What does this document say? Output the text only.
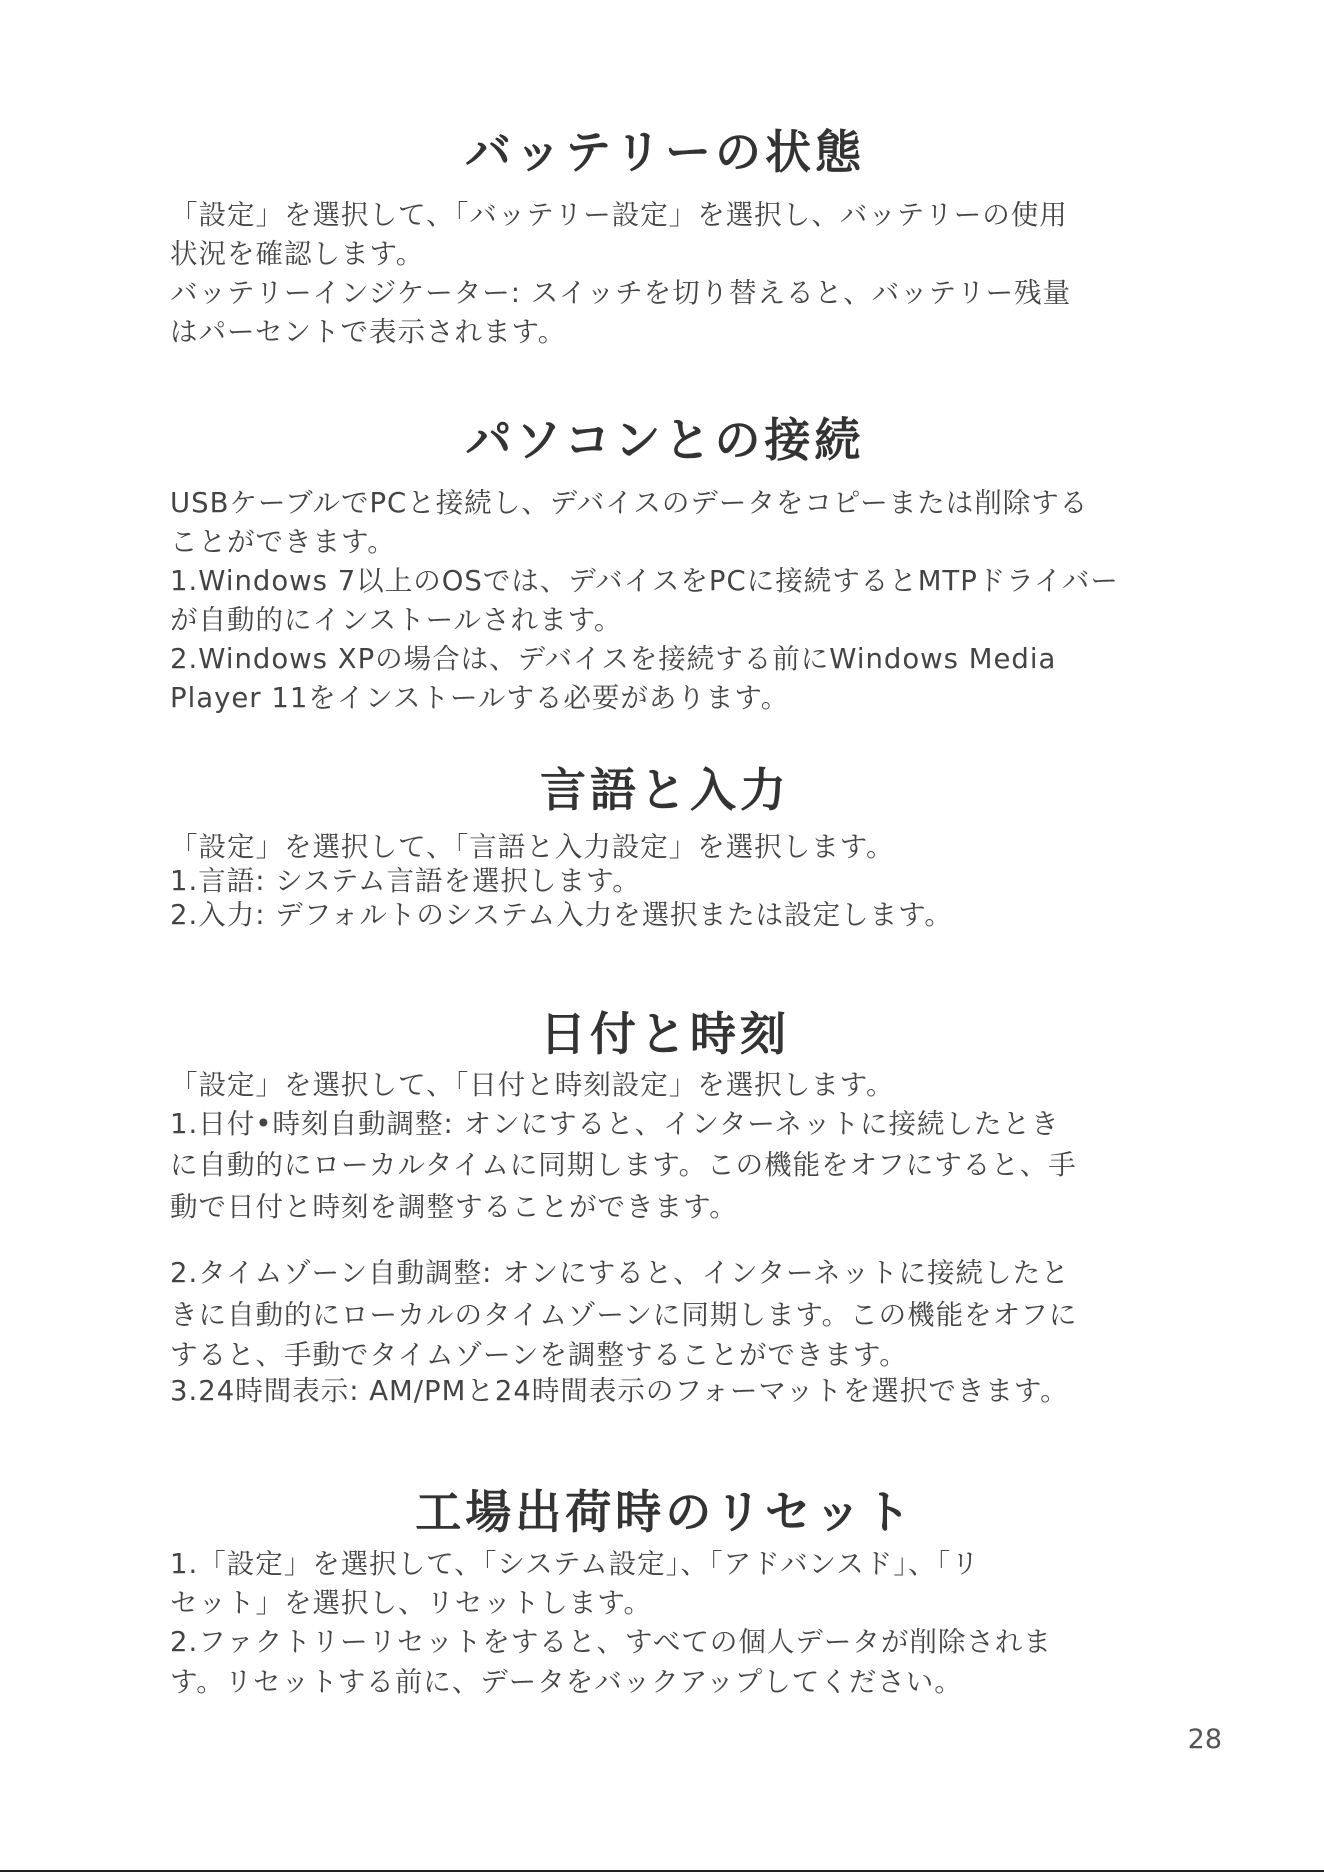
バッテリーの状態

「設定」を選択して、「バッテリー設定」を選択し、バッテリーの使用

状況を確認します。

バッテリーインジケーター: スイッチを切り替えると、バッテリー残量

はパーセントで表示されます。

パソコンとの接続

USBケーブルでPCと接続し、デバイスのデータをコピーまたは削除する

ことができます。

1.Windows 7以上のOSでは、デバイスをPCに接続するとMTPドライバー

が自動的にインストールされます。

2.Windows XPの場合は、デバイスを接続する前にWindows Media

Player 11をインストールする必要があります。

言語と入力

「設定」を選択して、「言語と入力設定」を選択します。

1.言語: システム言語を選択します。

2.入力: デフォルトのシステム入力を選択または設定します。

日付と時刻

「設定」を選択して、「日付と時刻設定」を選択します。

1.日付•時刻自動調整: オンにすると、インターネットに接続したとき

に自動的にローカルタイムに同期します。この機能をオフにすると、手

動で日付と時刻を調整することができます。

2.タイムゾーン自動調整: オンにすると、インターネットに接続したと

きに自動的にローカルのタイムゾーンに同期します。この機能をオフに

すると、手動でタイムゾーンを調整することができます。

3.24時間表示: AM/PMと24時間表示のフォーマットを選択できます。

工場出荷時のリセット

1.「設定」を選択して、「システム設定」、「アドバンスド」、「リ

セット」を選択し、リセットします。

2.ファクトリーリセットをすると、すべての個人データが削除されま

す。リセットする前に、データをバックアップしてください。

28
